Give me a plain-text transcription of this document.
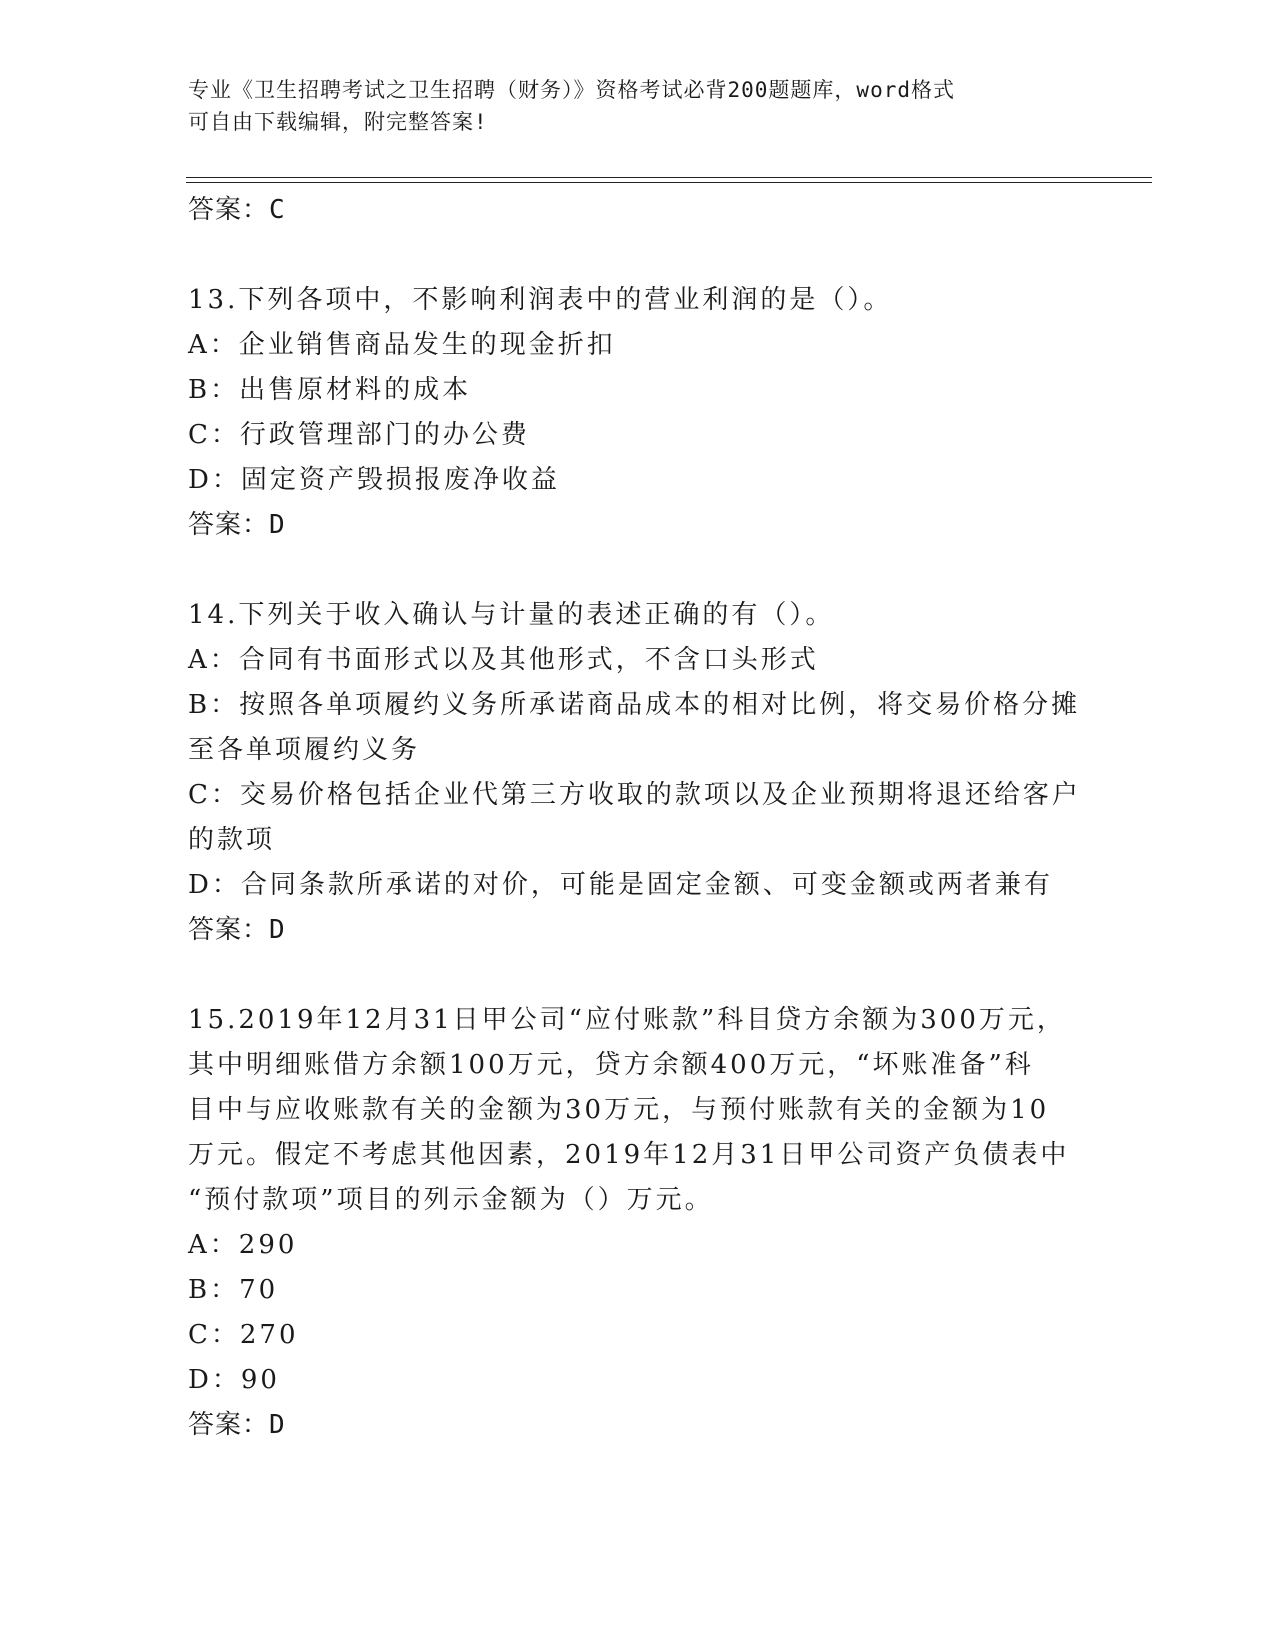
专业《卫生招聘考试之卫生招聘（财务）》资格考试必背200题题库，word格式
可自由下载编辑，附完整答案!
答案：C
13.下列各项中，不影响利润表中的营业利润的是（）。
A：企业销售商品发生的现金折扣
B：出售原材料的成本
C：行政管理部门的办公费
D：固定资产毁损报废净收益
答案：D
14.下列关于收入确认与计量的表述正确的有（）。
A：合同有书面形式以及其他形式，不含口头形式
B：按照各单项履约义务所承诺商品成本的相对比例，将交易价格分摊
至各单项履约义务
C：交易价格包括企业代第三方收取的款项以及企业预期将退还给客户
的款项
D：合同条款所承诺的对价，可能是固定金额、可变金额或两者兼有
答案：D
15.2019年12月31日甲公司“应付账款”科目贷方余额为300万元，
其中明细账借方余额100万元，贷方余额400万元，“坏账准备”科
目中与应收账款有关的金额为30万元，与预付账款有关的金额为10
万元。假定不考虑其他因素，2019年12月31日甲公司资产负债表中
“预付款项”项目的列示金额为（）万元。
A：290
B：70
C：270
D：90
答案：D
